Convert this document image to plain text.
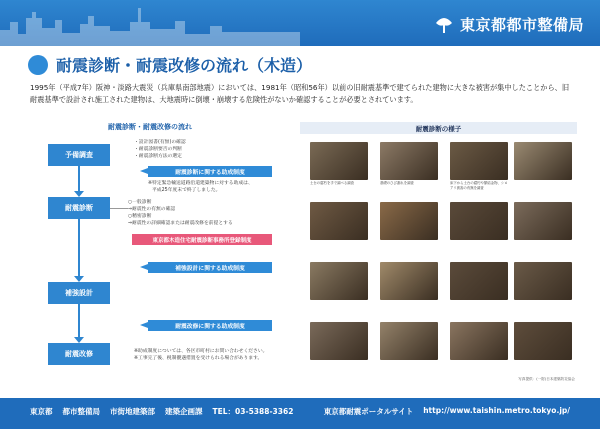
東京都都市整備局
耐震診断・耐震改修の流れ（木造）
1995年（平成7年）阪神・淡路大震災（兵庫県南部地震）においては、1981年（昭和56年）以前の旧耐震基準で建てられた建物に大きな被害が集中したことから、旧耐震基準で設計され施工された建物は、大地震時に倒壊・崩壊する危険性がないか確認することが必要とされています。
耐震診断・耐震改修の流れ
予備調査
耐震診断
補強設計
耐震改修
・設計図書(有無)の確認
・耐震診断要否の判断
・耐震診断方法の選定
耐震診断に関する助成制度
※特定緊急輸送道路沿道建築物に対する助成は、
平成25年度末で終了しました。
○一般診断
⇒耐震性の有無の確認
○精密診断
⇒耐震性の詳細確認または耐震改修を前提とする
東京都木造住宅耐震診断事務所登録制度
補強設計に関する助成制度
耐震改修に関する助成制度
※助成制度については、各区市町村にお問い合わせください。
※工事完了後、税制優遇措置を受けられる場合があります。
耐震診断の様子
土台の腐朽を手で調べる調査	基礎のひび割れを調査	床下から土台の腐朽や緊結金物、シロアリ被害の有無を調査
写真提供：(一財)日本建築防災協会
東京都 都市整備局 市街地建築部 建築企画課 TEL：03-5388-3362	東京都耐震ポータルサイト http://www.taishin.metro.tokyo.jp/
